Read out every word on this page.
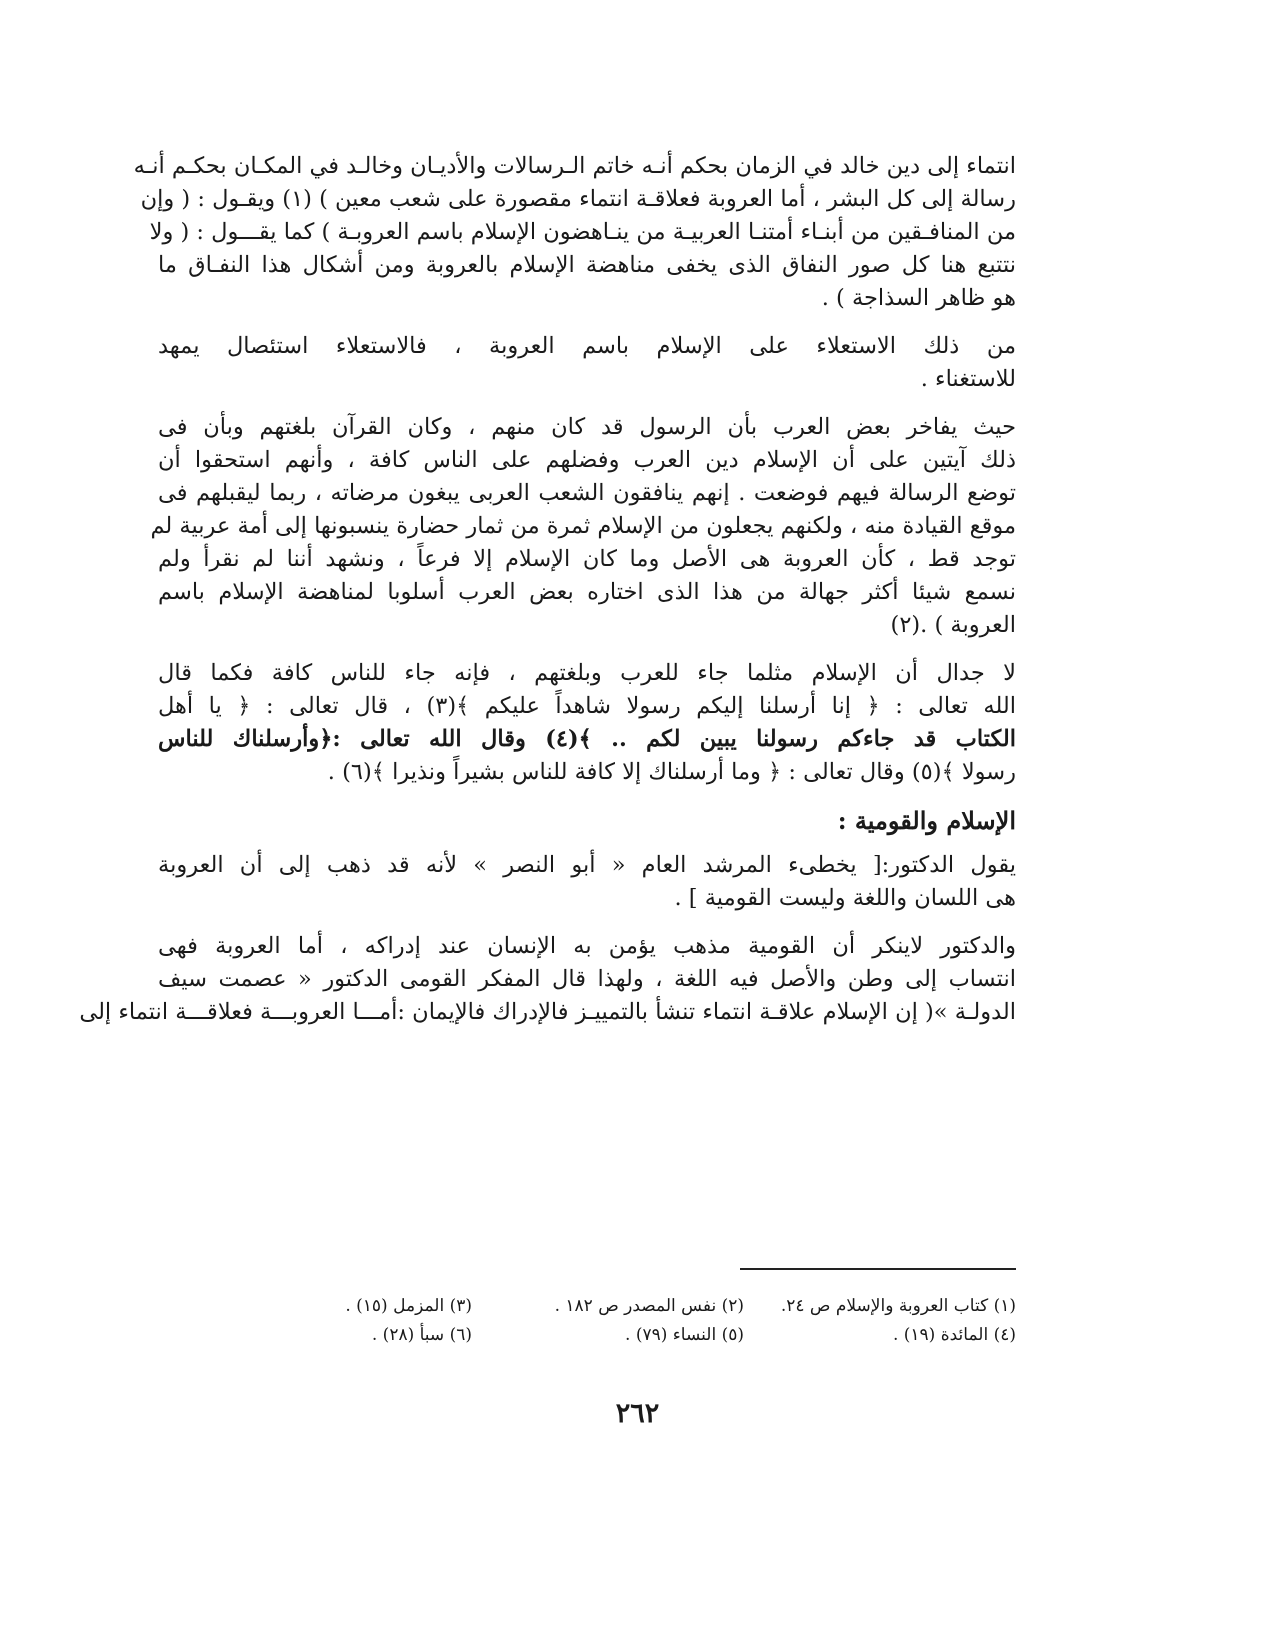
انتماء إلى دين خالد في الزمان بحكم أنـه خاتم الـرسالات والأديـان وخالـد في المكـان بحكـم أنـه

رسالة إلى كل البشر ، أما العروبة فعلاقـة انتماء مقصورة على شعب معين ) (١) ويقـول : ( وإن

من المنافـقين من أبنـاء أمتنـا العربيـة من ينـاهضون الإسلام باسم العروبـة ) كما يقـــول : ( ولا

نتتبع هنا كل صور النفاق الذى يخفى مناهضة الإسلام بالعروبة ومن أشكال هذا النفـاق ما

هو ظاهر السذاجة ) .

من ذلك الاستعلاء على الإسلام باسم العروبة ، فالاستعلاء استئصال يمهد

للاستغناء .

حيث يفاخر بعض العرب بأن الرسول قد كان منهم ، وكان القرآن بلغتهم وبأن فى

ذلك آيتين على أن الإسلام دين العرب وفضلهم على الناس كافة ، وأنهم استحقوا أن

توضع الرسالة فيهم فوضعت . إنهم ينافقون الشعب العربى يبغون مرضاته ، ربما ليقبلهم فى

موقع القيادة منه ، ولكنهم يجعلون من الإسلام ثمرة من ثمار حضارة ينسبونها إلى أمة عربية لم

توجد قط ، كأن العروبة هى الأصل وما كان الإسلام إلا فرعاً ، ونشهد أننا لم نقرأ ولم

نسمع شيئا أكثر جهالة من هذا الذى اختاره بعض العرب أسلوبا لمناهضة الإسلام باسم

العروبة ) .(٢)

لا جدال أن الإسلام مثلما جاء للعرب وبلغتهم ، فإنه جاء للناس كافة فكما قال

الله تعالى : ﴿ إنا أرسلنا إليكم رسولا شاهداً عليكم ﴾(٣) ، قال تعالى : ﴿ يا أهل

الكتاب قد جاءكم رسولنا يبين لكم .. ﴾(٤) وقال الله تعالى :﴿وأرسلناك للناس

رسولا ﴾(٥) وقال تعالى : ﴿ وما أرسلناك إلا كافة للناس بشيراً ونذيرا ﴾(٦) .

الإسلام والقومية :

يقول الدكتور:[ يخطىء المرشد العام « أبو النصر » لأنه قد ذهب إلى أن العروبة

هى اللسان واللغة وليست القومية ] .

والدكتور لاينكر أن القومية مذهب يؤمن به الإنسان عند إدراكه ، أما العروبة فهى

انتساب إلى وطن والأصل فيه اللغة ، ولهذا قال المفكر القومى الدكتور « عصمت سيف

الدولـة »( إن الإسلام علاقـة انتماء تنشأ بالتمييـز فالإدراك فالإيمان :أمـــا العروبـــة فعلاقـــة انتماء إلى

(١) كتاب العروبة والإسلام ص ٢٤.
(٢) نفس المصدر ص ١٨٢ .
(٣) المزمل (١٥) .
(٤) المائدة (١٩) .
(٥) النساء (٧٩) .
(٦) سبأ (٢٨) .
٢٦٢
